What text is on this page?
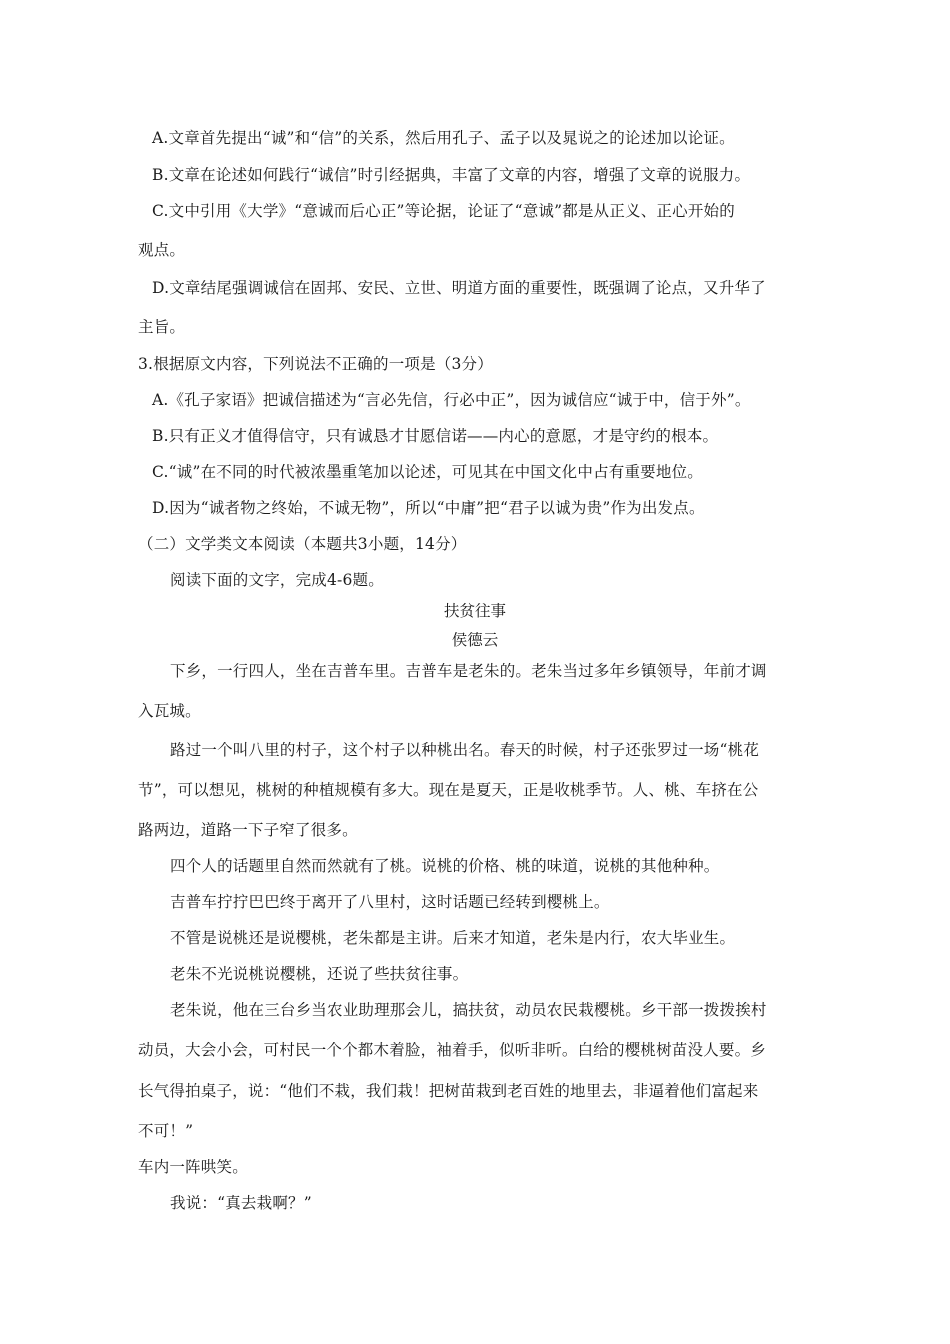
A.文章首先提出“诚”和“信”的关系，然后用孔子、孟子以及晁说之的论述加以论证。

B.文章在论述如何践行“诚信”时引经据典，丰富了文章的内容，增强了文章的说服力。

C.文中引用《大学》“意诚而后心正”等论据，论证了“意诚”都是从正义、正心开始的

观点。

D.文章结尾强调诚信在固邦、安民、立世、明道方面的重要性，既强调了论点，又升华了

主旨。

3.根据原文内容，下列说法不正确的一项是（3分）

A.《孔子家语》把诚信描述为“言必先信，行必中正”，因为诚信应“诚于中，信于外”。

B.只有正义才值得信守，只有诚恳才甘愿信诺——内心的意愿，才是守约的根本。

C.“诚”在不同的时代被浓墨重笔加以论述，可见其在中国文化中占有重要地位。

D.因为“诚者物之终始，不诚无物”，所以“中庸”把“君子以诚为贵”作为出发点。

（二）文学类文本阅读（本题共3小题，14分）

阅读下面的文字，完成4-6题。

扶贫往事

侯德云

下乡，一行四人，坐在吉普车里。吉普车是老朱的。老朱当过多年乡镇领导，年前才调

入瓦城。

路过一个叫八里的村子，这个村子以种桃出名。春天的时候，村子还张罗过一场“桃花

节”，可以想见，桃树的种植规模有多大。现在是夏天，正是收桃季节。人、桃、车挤在公

路两边，道路一下子窄了很多。

四个人的话题里自然而然就有了桃。说桃的价格、桃的味道，说桃的其他种种。

吉普车拧拧巴巴终于离开了八里村，这时话题已经转到樱桃上。

不管是说桃还是说樱桃，老朱都是主讲。后来才知道，老朱是内行，农大毕业生。

老朱不光说桃说樱桃，还说了些扶贫往事。

老朱说，他在三台乡当农业助理那会儿，搞扶贫，动员农民栽樱桃。乡干部一拨拨挨村

动员，大会小会，可村民一个个都木着脸，袖着手，似听非听。白给的樱桃树苗没人要。乡

长气得拍桌子，说：“他们不栽，我们栽！把树苗栽到老百姓的地里去，非逼着他们富起来

不可！”

车内一阵哄笑。

我说：“真去栽啊？”
